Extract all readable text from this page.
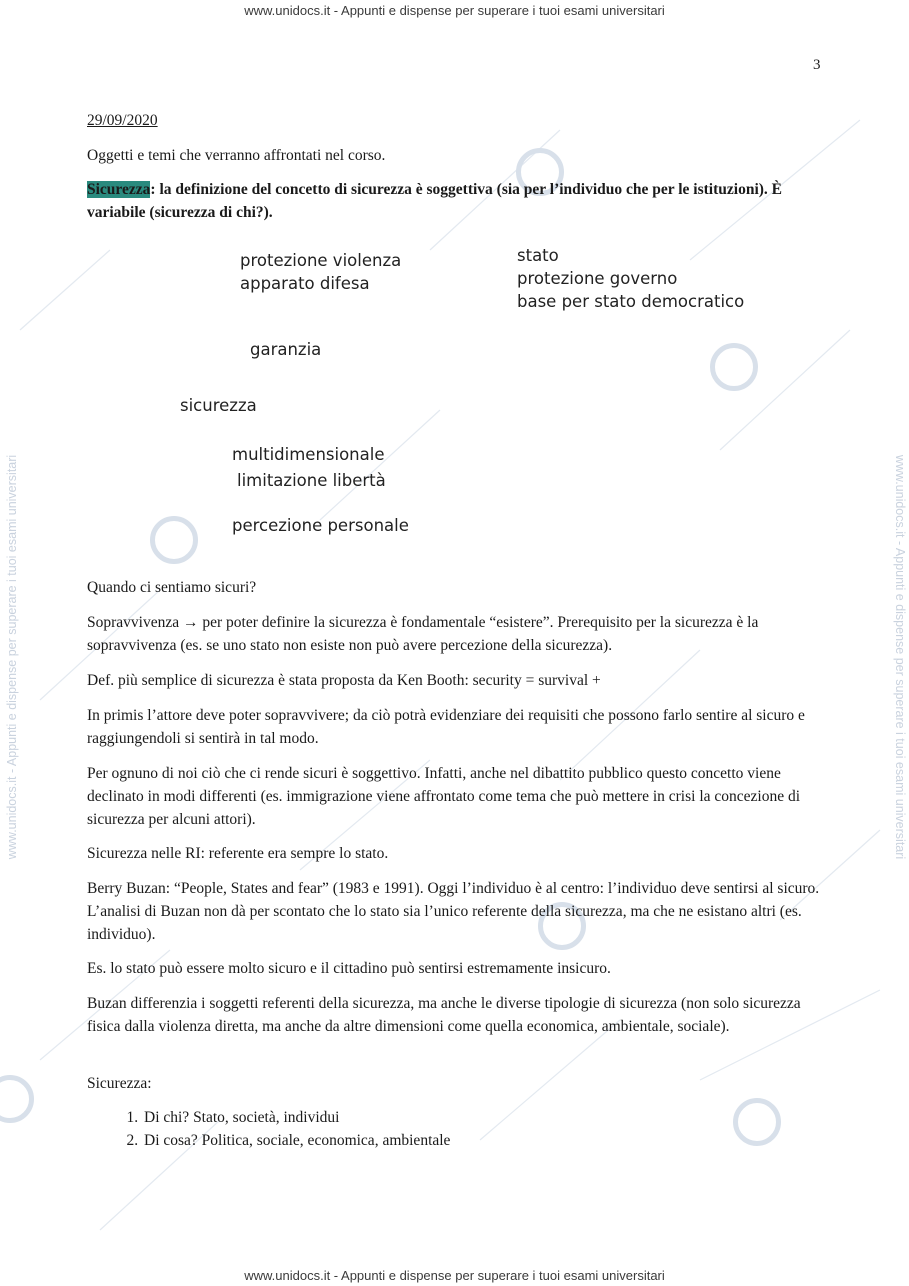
www.unidocs.it - Appunti e dispense per superare i tuoi esami universitari
www.unidocs.it - Appunti e dispense per superare i tuoi esami universitari
www.unidocs.it - Appunti e dispense per superare i tuoi esami universitari	www.unidocs.it - Appunti e dispense per superare i tuoi esami universitari
3
29/09/2020
Oggetti e temi che verranno affrontati nel corso.
Sicurezza: la definizione del concetto di sicurezza è soggettiva (sia per l’individuo che per le istituzioni). È variabile (sicurezza di chi?).
protezione violenza
apparato difesa
stato
protezione governo
base per stato democratico
garanzia
sicurezza
multidimensionale
limitazione libertà
percezione personale
Quando ci sentiamo sicuri?
Sopravvivenza → per poter definire la sicurezza è fondamentale “esistere”. Prerequisito per la sicurezza è la sopravvivenza (es. se uno stato non esiste non può avere percezione della sicurezza).
Def. più semplice di sicurezza è stata proposta da Ken Booth: security = survival +
In primis l’attore deve poter sopravvivere; da ciò potrà evidenziare dei requisiti che possono farlo sentire al sicuro e raggiungendoli si sentirà in tal modo.
Per ognuno di noi ciò che ci rende sicuri è soggettivo. Infatti, anche nel dibattito pubblico questo concetto viene declinato in modi differenti (es. immigrazione viene affrontato come tema che può mettere in crisi la concezione di sicurezza per alcuni attori).
Sicurezza nelle RI: referente era sempre lo stato.
Berry Buzan: “People, States and fear” (1983 e 1991). Oggi l’individuo è al centro: l’individuo deve sentirsi al sicuro. L’analisi di Buzan non dà per scontato che lo stato sia l’unico referente della sicurezza, ma che ne esistano altri (es. individuo).
Es. lo stato può essere molto sicuro e il cittadino può sentirsi estremamente insicuro.
Buzan differenzia i soggetti referenti della sicurezza, ma anche le diverse tipologie di sicurezza (non solo sicurezza fisica dalla violenza diretta, ma anche da altre dimensioni come quella economica, ambientale, sociale).
Sicurezza:
1. Di chi? Stato, società, individui
2. Di cosa? Politica, sociale, economica, ambientale
